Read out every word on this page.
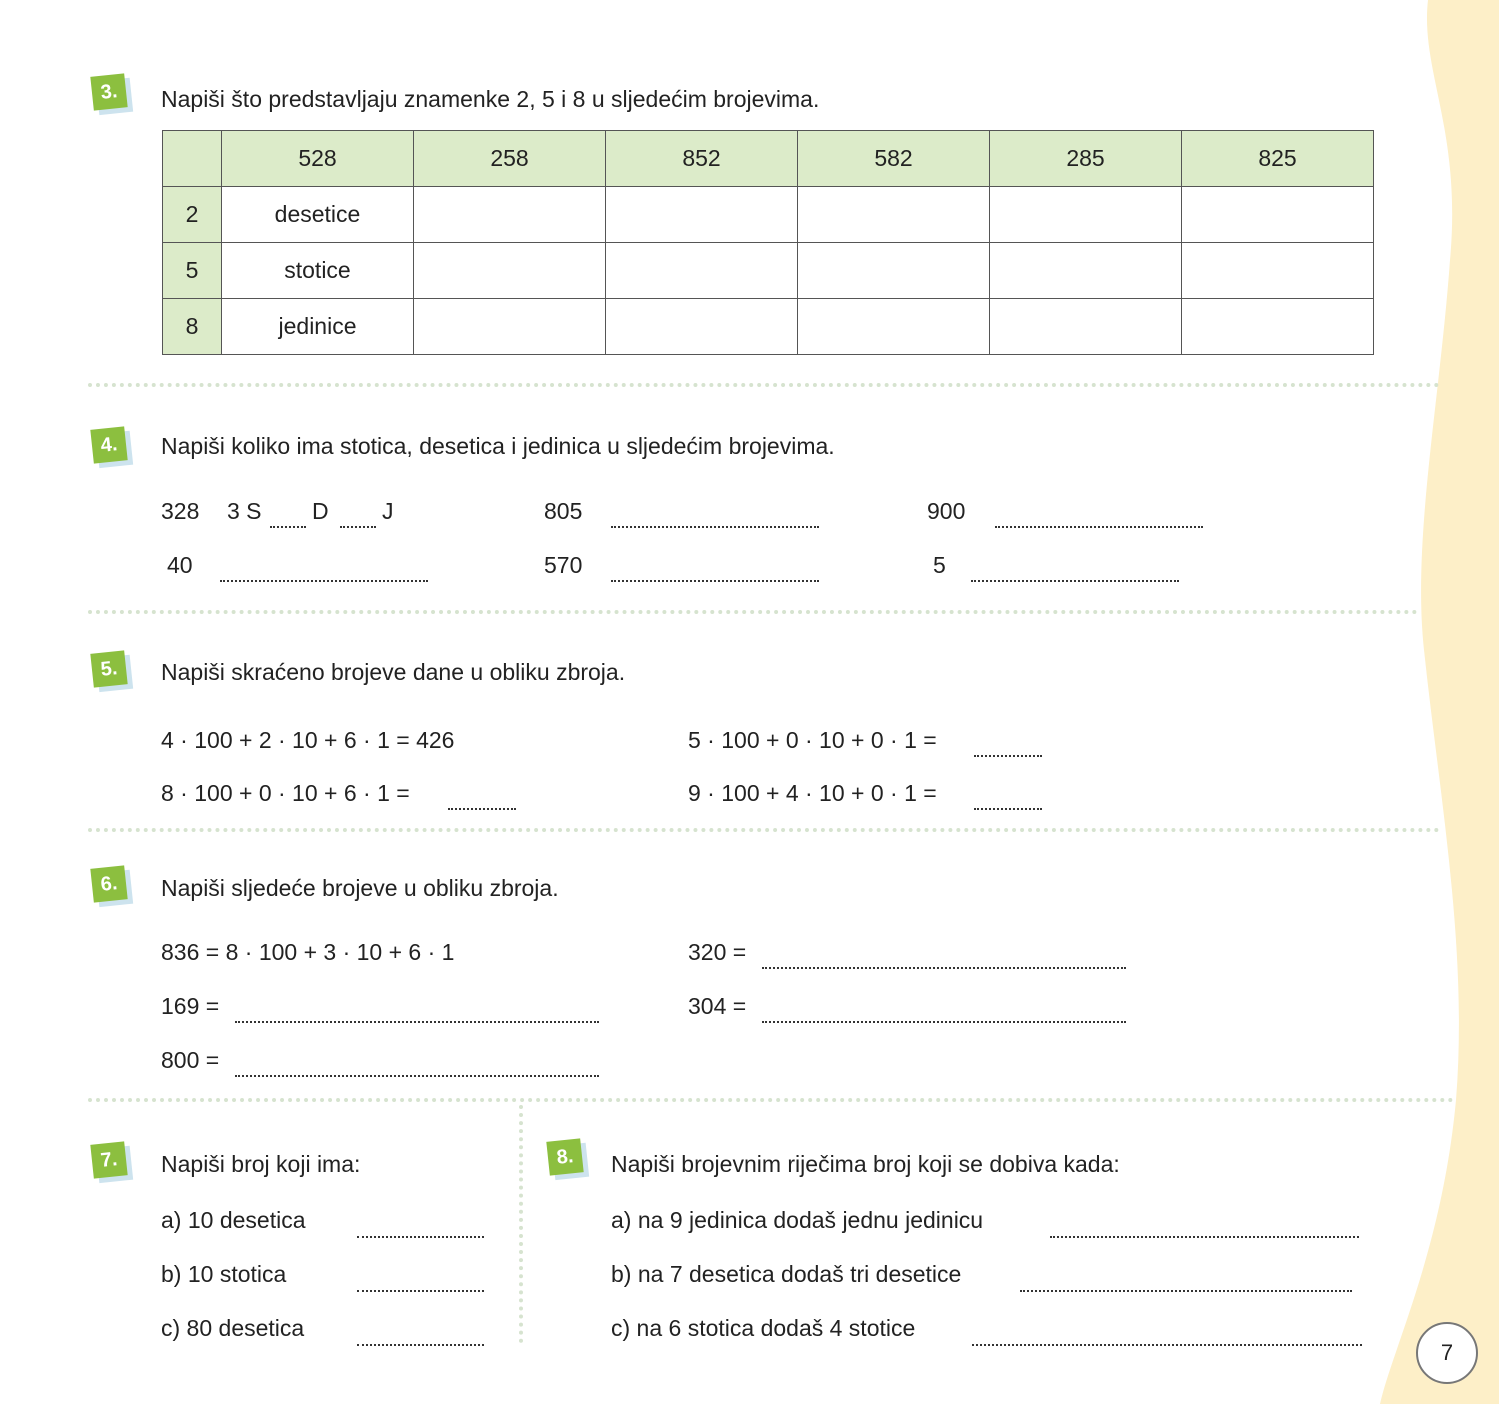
3.	Napiši što predstavljaju znamenke 2, 5 i 8 u sljedećim brojevima.
	528	258	852	582	285	825
2	desetice					
5	stotice					
8	jedinice					
4.	Napiši koliko ima stotica, desetica i jedinica u sljedećim brojevima.
328 3 S D J	805	900
40	570	5
5.	Napiši skraćeno brojeve dane u obliku zbroja.
4 · 100 + 2 · 10 + 6 · 1 = 426	5 · 100 + 0 · 10 + 0 · 1 =
8 · 100 + 0 · 10 + 6 · 1 =	9 · 100 + 4 · 10 + 0 · 1 =
6.	Napiši sljedeće brojeve u obliku zbroja.
836 = 8 · 100 + 3 · 10 + 6 · 1	320 =
169 =	304 =
800 =
7.	Napiši broj koji ima:
a) 10 desetica
b) 10 stotica
c) 80 desetica
8.	Napiši brojevnim riječima broj koji se dobiva kada:
a) na 9 jedinica dodaš jednu jedinicu
b) na 7 desetica dodaš tri desetice
c) na 6 stotica dodaš 4 stotice
7
